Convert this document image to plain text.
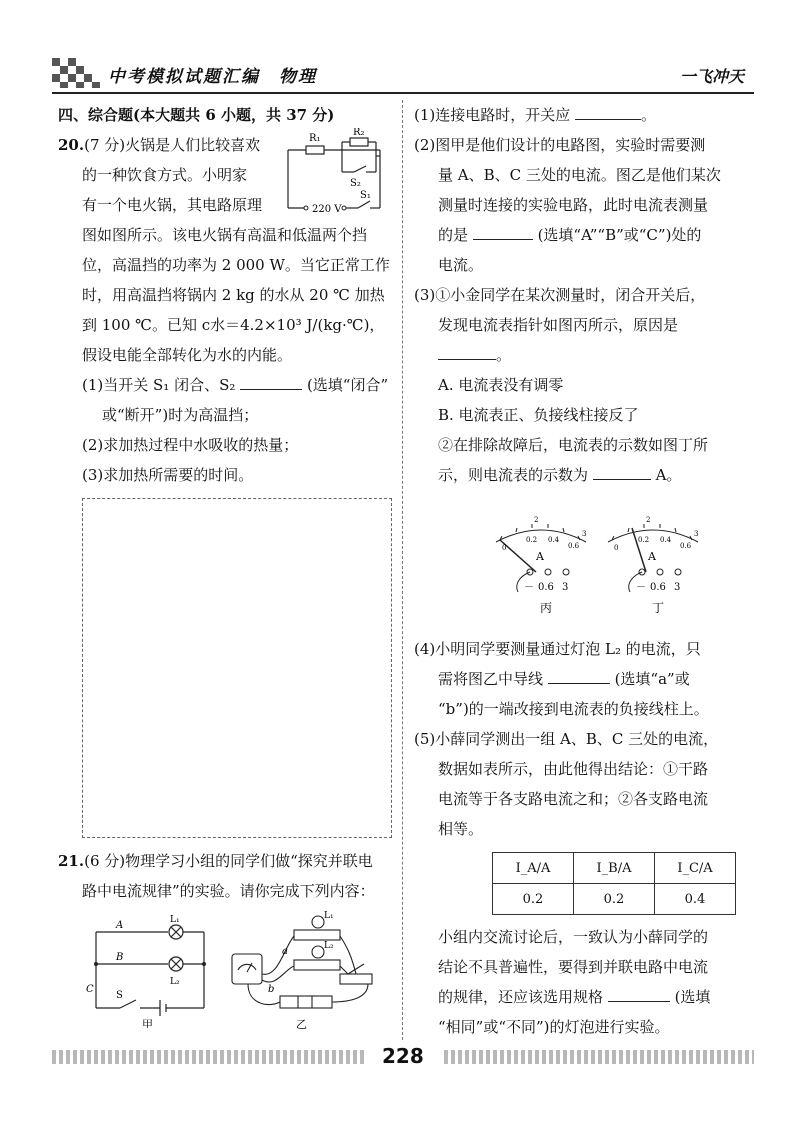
中考模拟试题汇编　物理	一飞冲天
四、综合题(本大题共 6 小题，共 37 分)
20.(7 分)火锅是人们比较喜欢
的一种饮食方式。小明家
有一个电火锅，其电路原理
图如图所示。该电火锅有高温和低温两个挡
位，高温挡的功率为 2 000 W。当它正常工作
时，用高温挡将锅内 2 kg 的水从 20 ℃ 加热
到 100 ℃。已知 c水＝4.2×10³ J/(kg·℃)，
假设电能全部转化为水的内能。
(1)当开关 S₁ 闭合、S₂	(选填“闭合”
或“断开”)时为高温挡；
(2)求加热过程中水吸收的热量；
(3)求加热所需要的时间。
R₁
R₂
S₂
S₁
220 V
21.(6 分)物理学习小组的同学们做“探究并联电
路中电流规律”的实验。请你完成下列内容：
A
B
C
S
L₁
L₂
甲
L₁
L₂
a
b
乙
(1)连接电路时，开关应	。
(2)图甲是他们设计的电路图，实验时需要测
量 A、B、C 三处的电流。图乙是他们某次
测量时连接的实验电路，此时电流表测量
的是	(选填“A”“B”或“C”)处的
电流。
(3)①小金同学在某次测量时，闭合开关后，
发现电流表指针如图丙所示，原因是
。
A. 电流表没有调零
B. 电流表正、负接线柱接反了
②在排除故障后，电流表的示数如图丁所
示，则电流表的示数为	A。
0
0.2 0.4
0.6
2
3
A
－ 0.6 3
丙
0
0.2 0.4
0.6
2
3
A
－ 0.6 3
丁
(4)小明同学要测量通过灯泡 L₂ 的电流，只
需将图乙中导线	(选填“a”或
“b”)的一端改接到电流表的负接线柱上。
(5)小薛同学测出一组 A、B、C 三处的电流，
数据如表所示，由此他得出结论：①干路
电流等于各支路电流之和；②各支路电流
相等。
I_A/A	I_B/A	I_C/A
0.2	0.2	0.4
小组内交流讨论后，一致认为小薛同学的
结论不具普遍性，要得到并联电路中电流
的规律，还应该选用规格	(选填
“相同”或“不同”)的灯泡进行实验。
228
